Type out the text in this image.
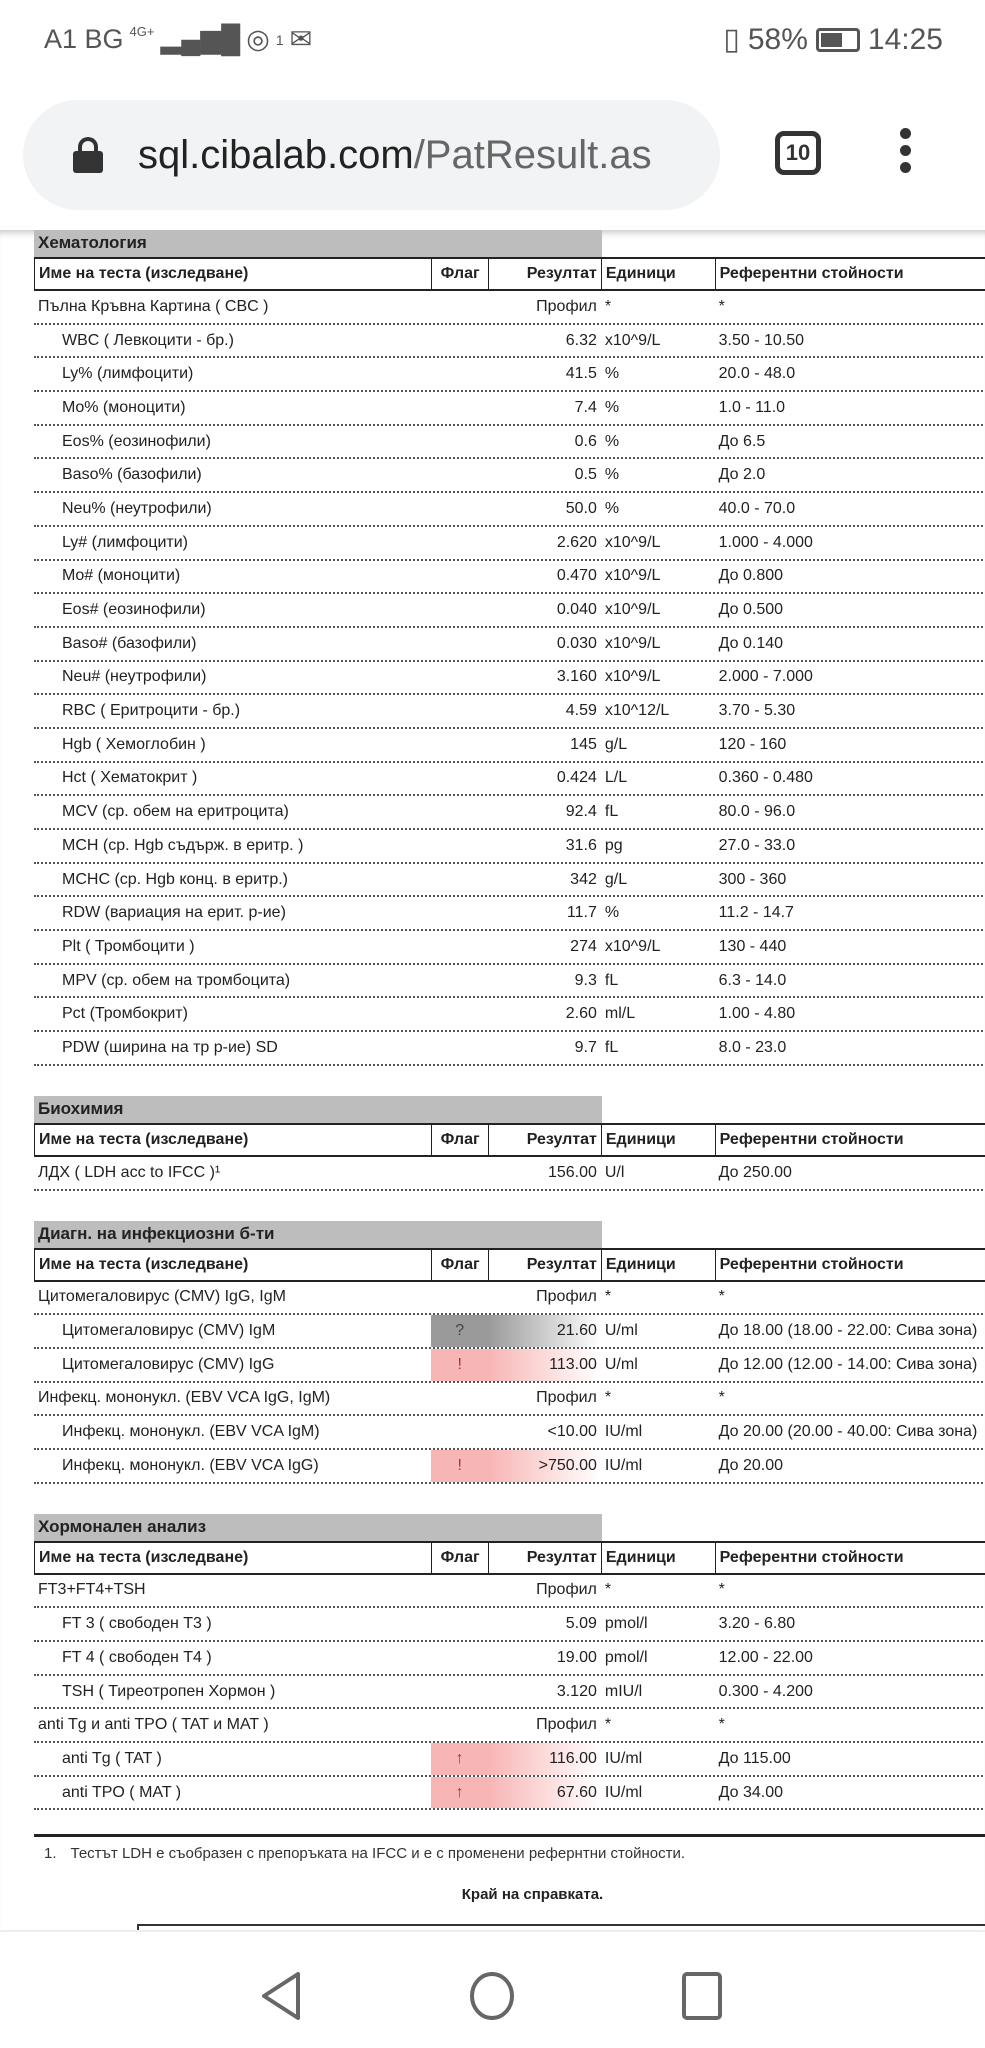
A1 BG 4G+ ▂▄▆█ ◎ 1 ✉	▯ 58% 14:25
sql.cibalab.com/PatResult.as	10
Хематология
Име на теста (изследване)	Флаг	Резултат Единици	Референтни стойности
Пълна Кръвна Картина ( CBC )	Профил *	*
WBC ( Левкоцити - бр.)	6.32 x10^9/L	3.50 - 10.50
Ly% (лимфоцити)	41.5 %	20.0 - 48.0
Mo% (моноцити)	7.4 %	1.0 - 11.0
Eos% (еозинофили)	0.6 %	До 6.5
Baso% (базофили)	0.5 %	До 2.0
Neu% (неутрофили)	50.0 %	40.0 - 70.0
Ly# (лимфоцити)	2.620 x10^9/L	1.000 - 4.000
Mo# (моноцити)	0.470 x10^9/L	До 0.800
Eos# (еозинофили)	0.040 x10^9/L	До 0.500
Baso# (базофили)	0.030 x10^9/L	До 0.140
Neu# (неутрофили)	3.160 x10^9/L	2.000 - 7.000
RBC ( Еритроцити - бр.)	4.59 x10^12/L	3.70 - 5.30
Hgb ( Хемоглобин )	145 g/L	120 - 160
Hct ( Хематокрит )	0.424 L/L	0.360 - 0.480
MCV (ср. обем на еритроцита)	92.4 fL	80.0 - 96.0
MCH (ср. Hgb съдърж. в еритр. )	31.6 pg	27.0 - 33.0
MCHC (ср. Hgb конц. в еритр.)	342 g/L	300 - 360
RDW (вариация на ерит. р-ие)	11.7 %	11.2 - 14.7
Plt ( Тромбоцити )	274 x10^9/L	130 - 440
MPV (ср. обем на тромбоцита)	9.3 fL	6.3 - 14.0
Pct (Тромбокрит)	2.60 ml/L	1.00 - 4.80
PDW (ширина на тр р-ие) SD	9.7 fL	8.0 - 23.0
Биохимия
Име на теста (изследване)	Флаг	Резултат Единици	Референтни стойности
ЛДХ ( LDH acc to IFCC )¹	156.00 U/l	До 250.00
Диагн. на инфекциозни б-ти
Име на теста (изследване)	Флаг	Резултат Единици	Референтни стойности
Цитомегаловирус (CMV) IgG, IgM	Профил *	*
Цитомегаловирус (CMV) IgM	?	21.60 U/ml	До 18.00 (18.00 - 22.00: Сива зона)
Цитомегаловирус (CMV) IgG	!	113.00 U/ml	До 12.00 (12.00 - 14.00: Сива зона)
Инфекц. мононукл. (EBV VCA IgG, IgM)	Профил *	*
Инфекц. мононукл. (EBV VCA IgM)	<10.00 IU/ml	До 20.00 (20.00 - 40.00: Сива зона)
Инфекц. мононукл. (EBV VCA IgG)	!	>750.00 IU/ml	До 20.00
Хормонален анализ
Име на теста (изследване)	Флаг	Резултат Единици	Референтни стойности
FT3+FT4+TSH	Профил *	*
FT 3 ( свободен T3 )	5.09 pmol/l	3.20 - 6.80
FT 4 ( свободен T4 )	19.00 pmol/l	12.00 - 22.00
TSH ( Тиреотропен Хормон )	3.120 mIU/l	0.300 - 4.200
anti Tg и anti TPO ( TAT и MAT )	Профил *	*
anti Tg ( TAT )	↑	116.00 IU/ml	До 115.00
anti TPO ( MAT )	↑	67.60 IU/ml	До 34.00
1. Тестът LDH е съобразен с препоръката на IFCC и е с променени рефернтни стойности.
Край на справката.
